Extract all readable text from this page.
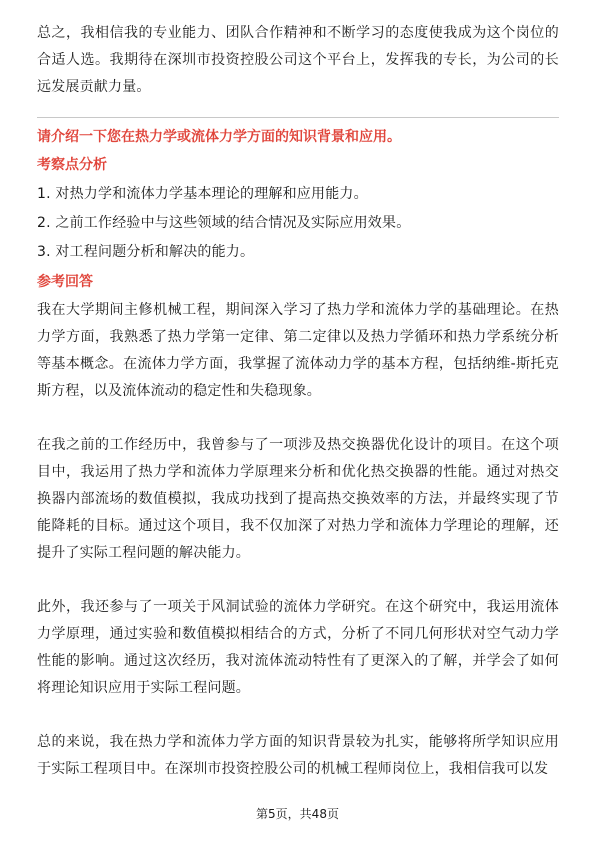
总之，我相信我的专业能力、团队合作精神和不断学习的态度使我成为这个岗位的合适人选。我期待在深圳市投资控股公司这个平台上，发挥我的专长，为公司的长远发展贡献力量。

请介绍一下您在热力学或流体力学方面的知识背景和应用。
考察点分析
1. 对热力学和流体力学基本理论的理解和应用能力。
2. 之前工作经验中与这些领域的结合情况及实际应用效果。
3. 对工程问题分析和解决的能力。
参考回答

我在大学期间主修机械工程，期间深入学习了热力学和流体力学的基础理论。在热力学方面，我熟悉了热力学第一定律、第二定律以及热力学循环和热力学系统分析等基本概念。在流体力学方面，我掌握了流体动力学的基本方程，包括纳维-斯托克斯方程，以及流体流动的稳定性和失稳现象。

在我之前的工作经历中，我曾参与了一项涉及热交换器优化设计的项目。在这个项目中，我运用了热力学和流体力学原理来分析和优化热交换器的性能。通过对热交换器内部流场的数值模拟，我成功找到了提高热交换效率的方法，并最终实现了节能降耗的目标。通过这个项目，我不仅加深了对热力学和流体力学理论的理解，还提升了实际工程问题的解决能力。

此外，我还参与了一项关于风洞试验的流体力学研究。在这个研究中，我运用流体力学原理，通过实验和数值模拟相结合的方式，分析了不同几何形状对空气动力学性能的影响。通过这次经历，我对流体流动特性有了更深入的了解，并学会了如何将理论知识应用于实际工程问题。

总的来说，我在热力学和流体力学方面的知识背景较为扎实，能够将所学知识应用于实际工程项目中。在深圳市投资控股公司的机械工程师岗位上，我相信我可以发

第5页，共48页
